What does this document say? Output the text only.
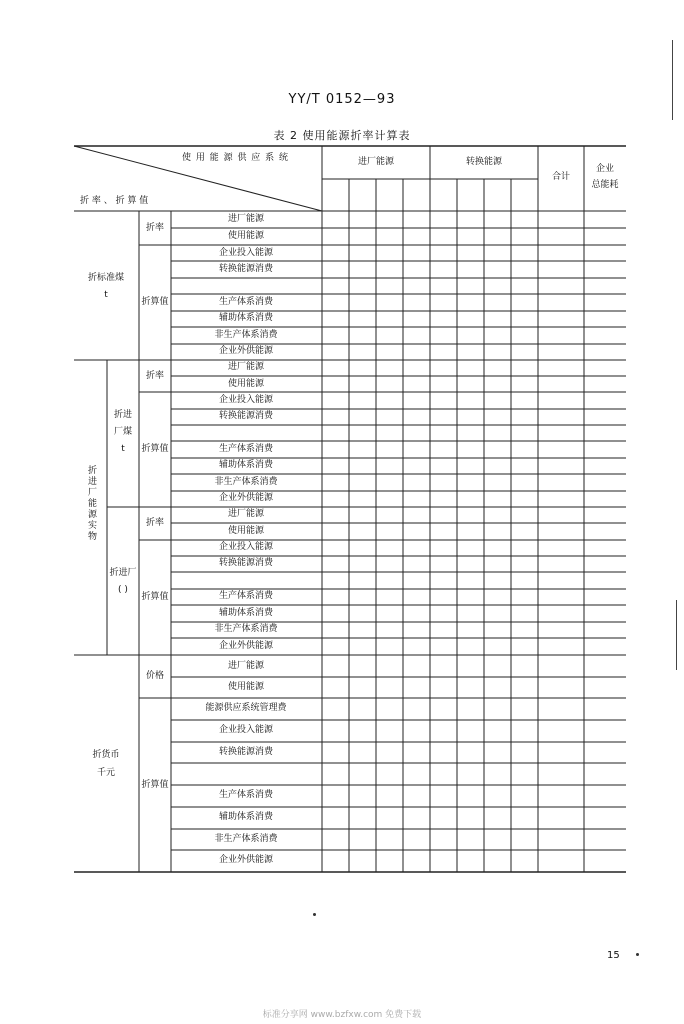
YY/T 0152—93
表 2 使用能源折率计算表
使 用 能 源 供 应 系 统
折 率 、 折 算 值
进厂能源	转换能源
合计
企业
总能耗
折标准煤
t
折率
折算值
进厂能源
使用能源
企业投入能源
转换能源消费
生产体系消费
辅助体系消费
非生产体系消费
企业外供能源
折进厂能源实物
折进
厂煤
t
折率
折算值
进厂能源
使用能源
企业投入能源
转换能源消费
生产体系消费
辅助体系消费
非生产体系消费
企业外供能源
折进厂
( )
折率
折算值
进厂能源
使用能源
企业投入能源
转换能源消费
生产体系消费
辅助体系消费
非生产体系消费
企业外供能源
折货币
千元
价格
折算值
进厂能源
使用能源
能源供应系统管理费
企业投入能源
转换能源消费
生产体系消费
辅助体系消费
非生产体系消费
企业外供能源
15
标准分享网 www.bzfxw.com 免费下载
